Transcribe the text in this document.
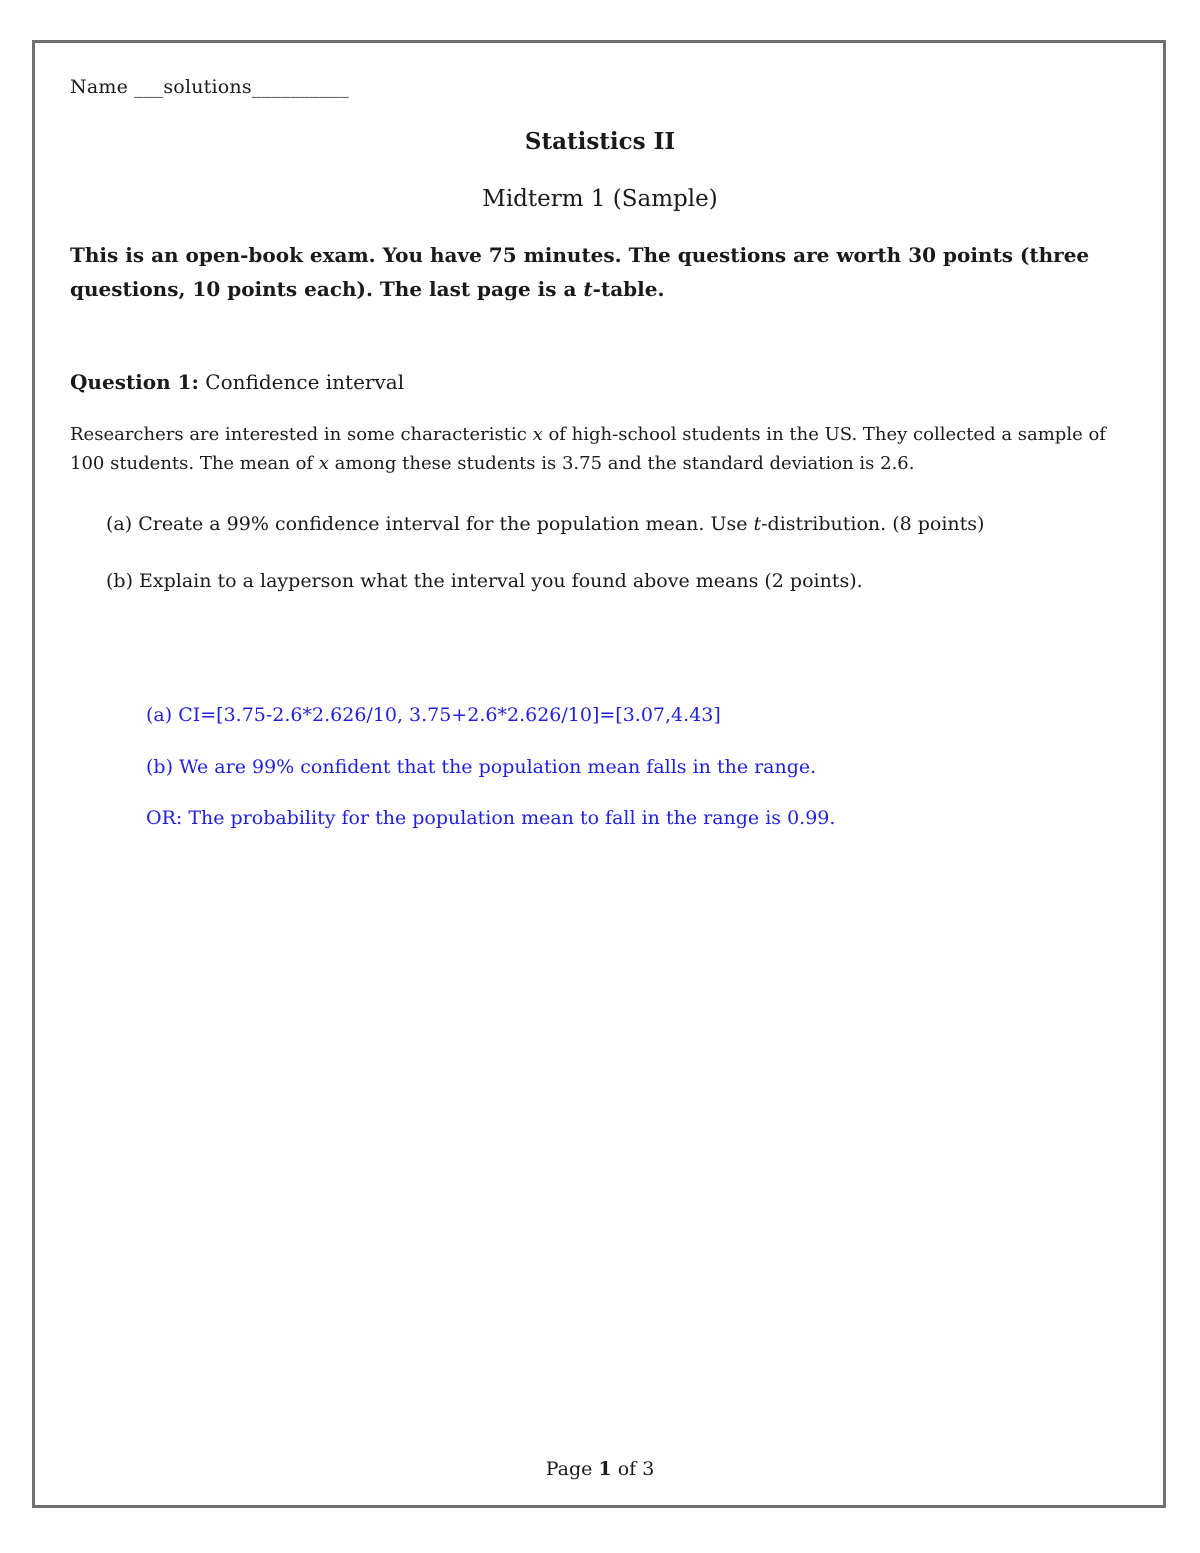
Name ___solutions__________
Statistics II
Midterm 1 (Sample)
This is an open-book exam. You have 75 minutes. The questions are worth 30 points (three questions, 10 points each). The last page is a t-table.
Question 1: Confidence interval
Researchers are interested in some characteristic x of high-school students in the US. They collected a sample of 100 students. The mean of x among these students is 3.75 and the standard deviation is 2.6.
(a) Create a 99% confidence interval for the population mean. Use t-distribution. (8 points)
(b) Explain to a layperson what the interval you found above means (2 points).
(a) CI=[3.75-2.6*2.626/10, 3.75+2.6*2.626/10]=[3.07,4.43]
(b) We are 99% confident that the population mean falls in the range.
OR: The probability for the population mean to fall in the range is 0.99.
Page 1 of 3
